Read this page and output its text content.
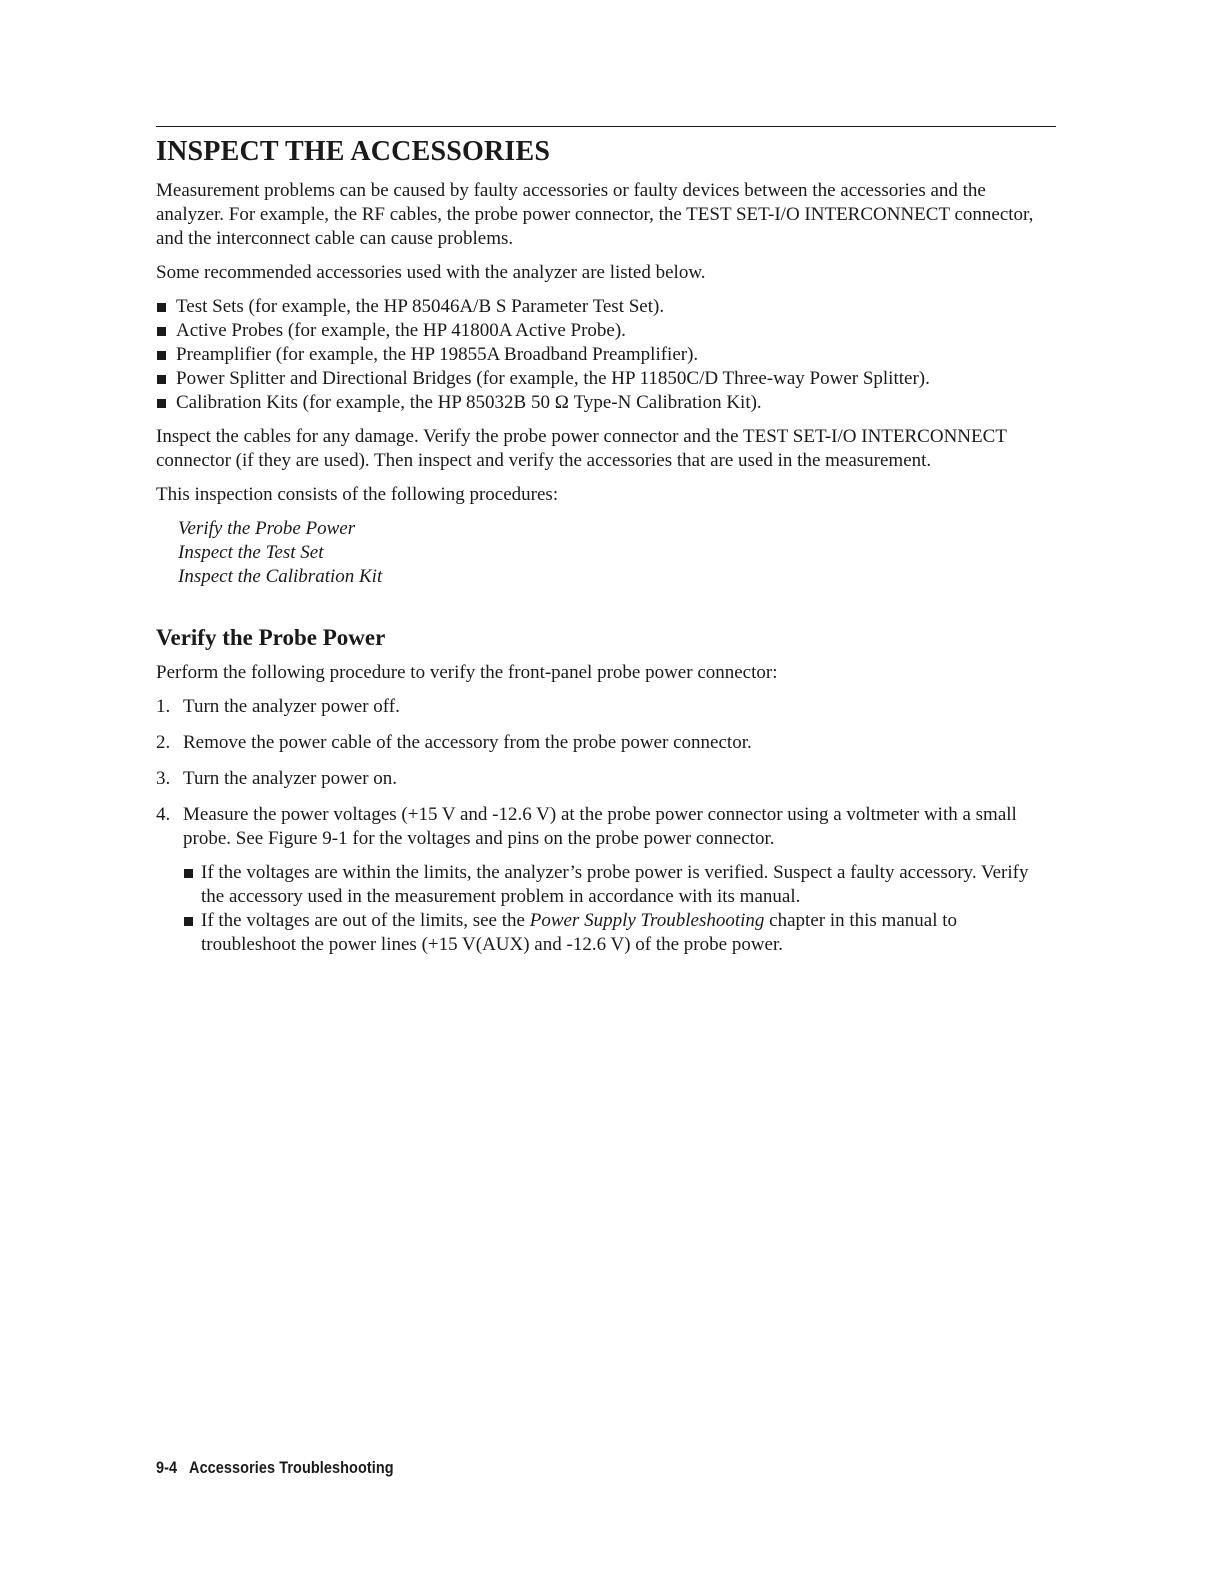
INSPECT THE ACCESSORIES

Measurement problems can be caused by faulty accessories or faulty devices between the accessories and the analyzer. For example, the RF cables, the probe power connector, the TEST SET-I/O INTERCONNECT connector, and the interconnect cable can cause problems.

Some recommended accessories used with the analyzer are listed below.

Test Sets (for example, the HP 85046A/B S Parameter Test Set).
Active Probes (for example, the HP 41800A Active Probe).
Preamplifier (for example, the HP 19855A Broadband Preamplifier).
Power Splitter and Directional Bridges (for example, the HP 11850C/D Three-way Power Splitter).
Calibration Kits (for example, the HP 85032B 50 Ω Type-N Calibration Kit).

Inspect the cables for any damage. Verify the probe power connector and the TEST SET-I/O INTERCONNECT connector (if they are used). Then inspect and verify the accessories that are used in the measurement.

This inspection consists of the following procedures:

Verify the Probe Power
Inspect the Test Set
Inspect the Calibration Kit
Verify the Probe Power

Perform the following procedure to verify the front-panel probe power connector:

1. Turn the analyzer power off.
2. Remove the power cable of the accessory from the probe power connector.
3. Turn the analyzer power on.
4. Measure the power voltages (+15 V and -12.6 V) at the probe power connector using a voltmeter with a small probe. See Figure 9-1 for the voltages and pins on the probe power connector.
If the voltages are within the limits, the analyzer’s probe power is verified. Suspect a faulty accessory. Verify the accessory used in the measurement problem in accordance with its manual.
If the voltages are out of the limits, see the Power Supply Troubleshooting chapter in this manual to troubleshoot the power lines (+15 V(AUX) and -12.6 V) of the probe power.
9-4 Accessories Troubleshooting
